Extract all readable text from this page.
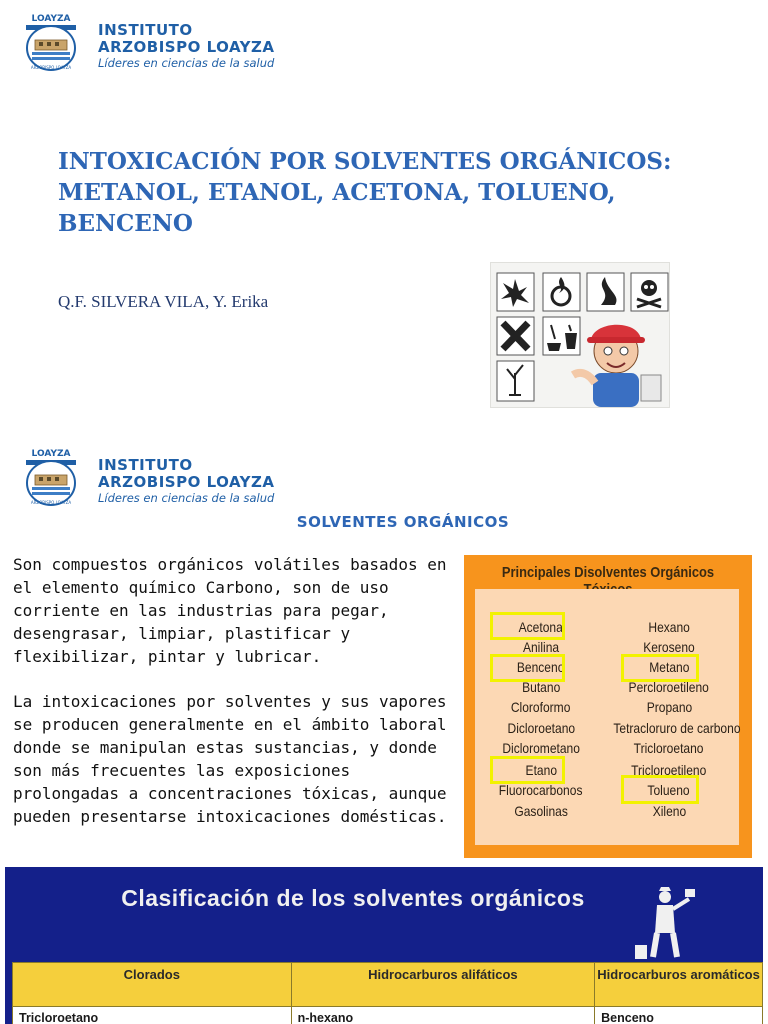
LOAYZA
ARZOBISPO LOAYZA
INSTITUTO
ARZOBISPO LOAYZA
Líderes en ciencias de la salud
INTOXICACIÓN POR SOLVENTES ORGÁNICOS: METANOL, ETANOL, ACETONA, TOLUENO, BENCENO
Q.F. SILVERA VILA, Y. Erika
LOAYZA
ARZOBISPO LOAYZA
INSTITUTO
ARZOBISPO LOAYZA
Líderes en ciencias de la salud
SOLVENTES ORGÁNICOS
Son compuestos orgánicos volátiles basados en el elemento químico Carbono, son de uso corriente en las industrias para pegar, desengrasar, limpiar, plastificar y flexibilizar, pintar y lubricar.
La intoxicaciones por solventes y sus vapores se producen generalmente en el ámbito laboral donde se manipulan estas sustancias, y donde son más frecuentes las exposiciones prolongadas a concentraciones tóxicas, aunque pueden presentarse intoxicaciones domésticas.
Principales Disolventes Orgánicos
Acetona
Anilina
Benceno
Butano
Cloroformo
Dicloroetano
Diclorometano
Etano
Fluorocarbonos
Gasolinas
Hexano
Keroseno
Metano
Percloroetileno
Propano
Tetracloruro de carbono
Tricloroetano
Tricloroetileno
Tolueno
Xileno
Clasificación de los solventes orgánicos
Clorados	Hidrocarburos alifáticos	Hidrocarburos aromáticos
Tricloroetano	n-hexano	Benceno
